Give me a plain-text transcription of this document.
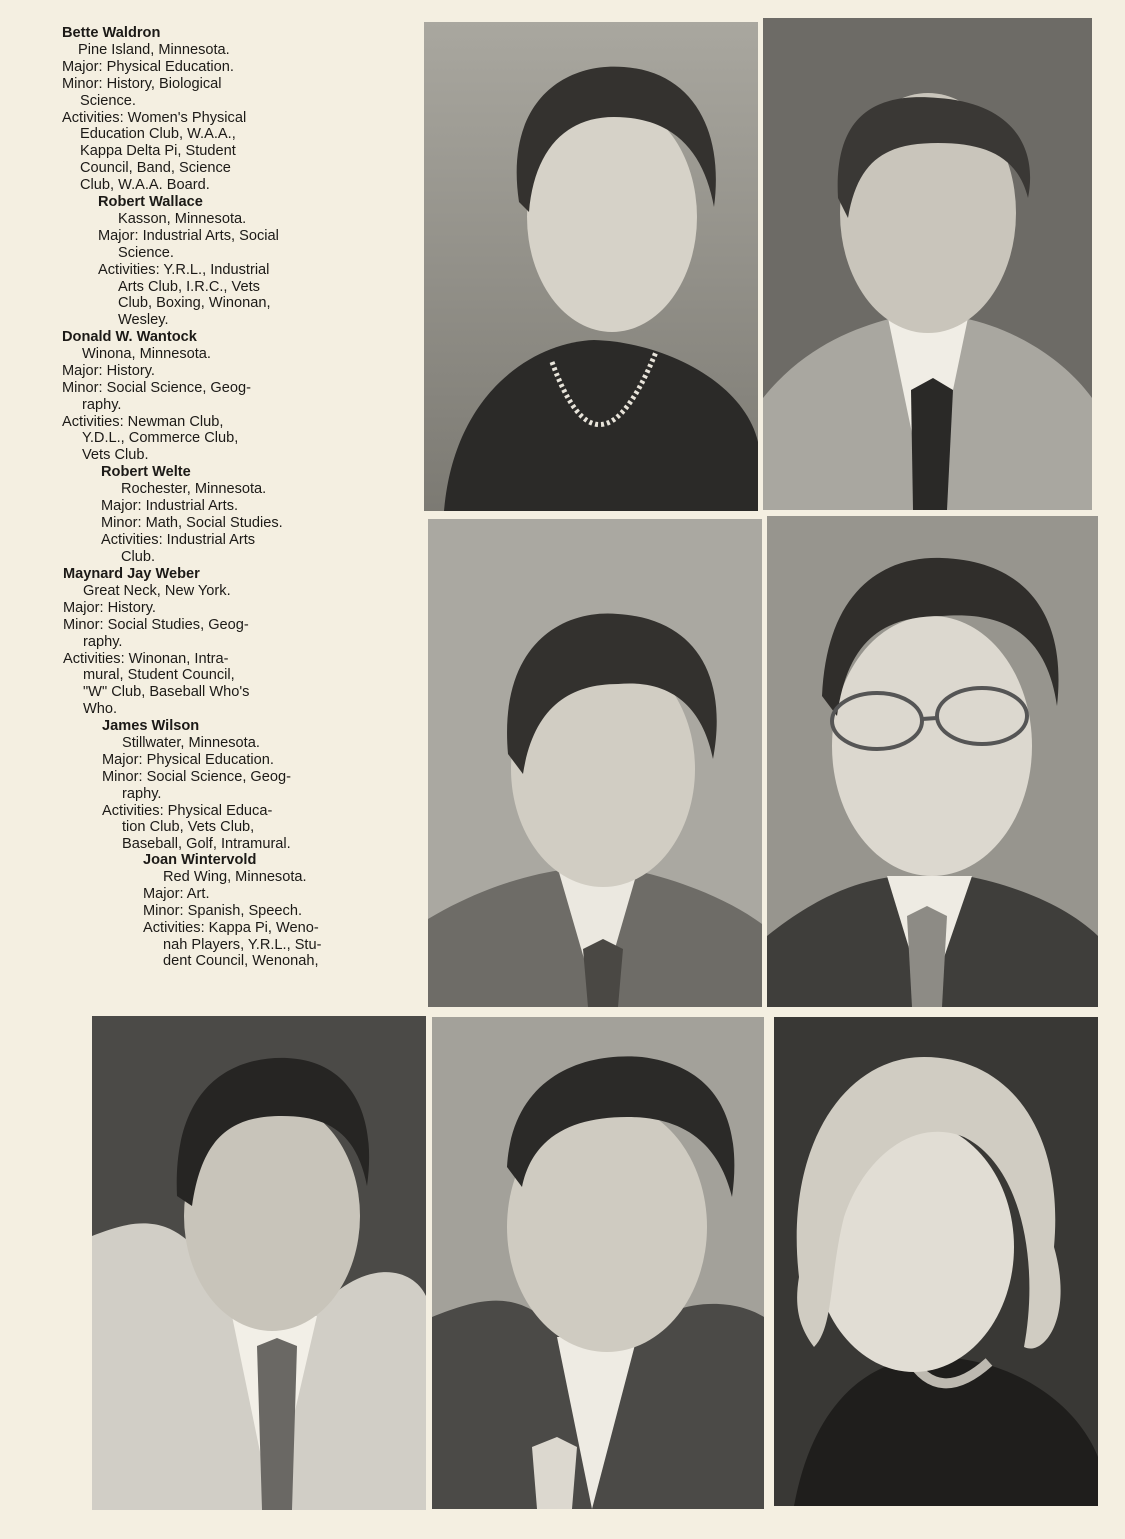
Bette Waldron
Pine Island, Minnesota.
Major: Physical Education.
Minor: History, Biological
Science.
Activities: Women's Physical
Education Club, W.A.A.,
Kappa Delta Pi, Student
Council, Band, Science
Club, W.A.A. Board.
Robert Wallace
Kasson, Minnesota.
Major: Industrial Arts, Social
Science.
Activities: Y.R.L., Industrial
Arts Club, I.R.C., Vets
Club, Boxing, Winonan,
Wesley.
Donald W. Wantock
Winona, Minnesota.
Major: History.
Minor: Social Science, Geog-
raphy.
Activities: Newman Club,
Y.D.L., Commerce Club,
Vets Club.
Robert Welte
Rochester, Minnesota.
Major: Industrial Arts.
Minor: Math, Social Studies.
Activities: Industrial Arts
Club.
Maynard Jay Weber
Great Neck, New York.
Major: History.
Minor: Social Studies, Geog-
raphy.
Activities: Winonan, Intra-
mural, Student Council,
"W" Club, Baseball Who's
Who.
James Wilson
Stillwater, Minnesota.
Major: Physical Education.
Minor: Social Science, Geog-
raphy.
Activities: Physical Educa-
tion Club, Vets Club,
Baseball, Golf, Intramural.
Joan Wintervold
Red Wing, Minnesota.
Major: Art.
Minor: Spanish, Speech.
Activities: Kappa Pi, Weno-
nah Players, Y.R.L., Stu-
dent Council, Wenonah,
